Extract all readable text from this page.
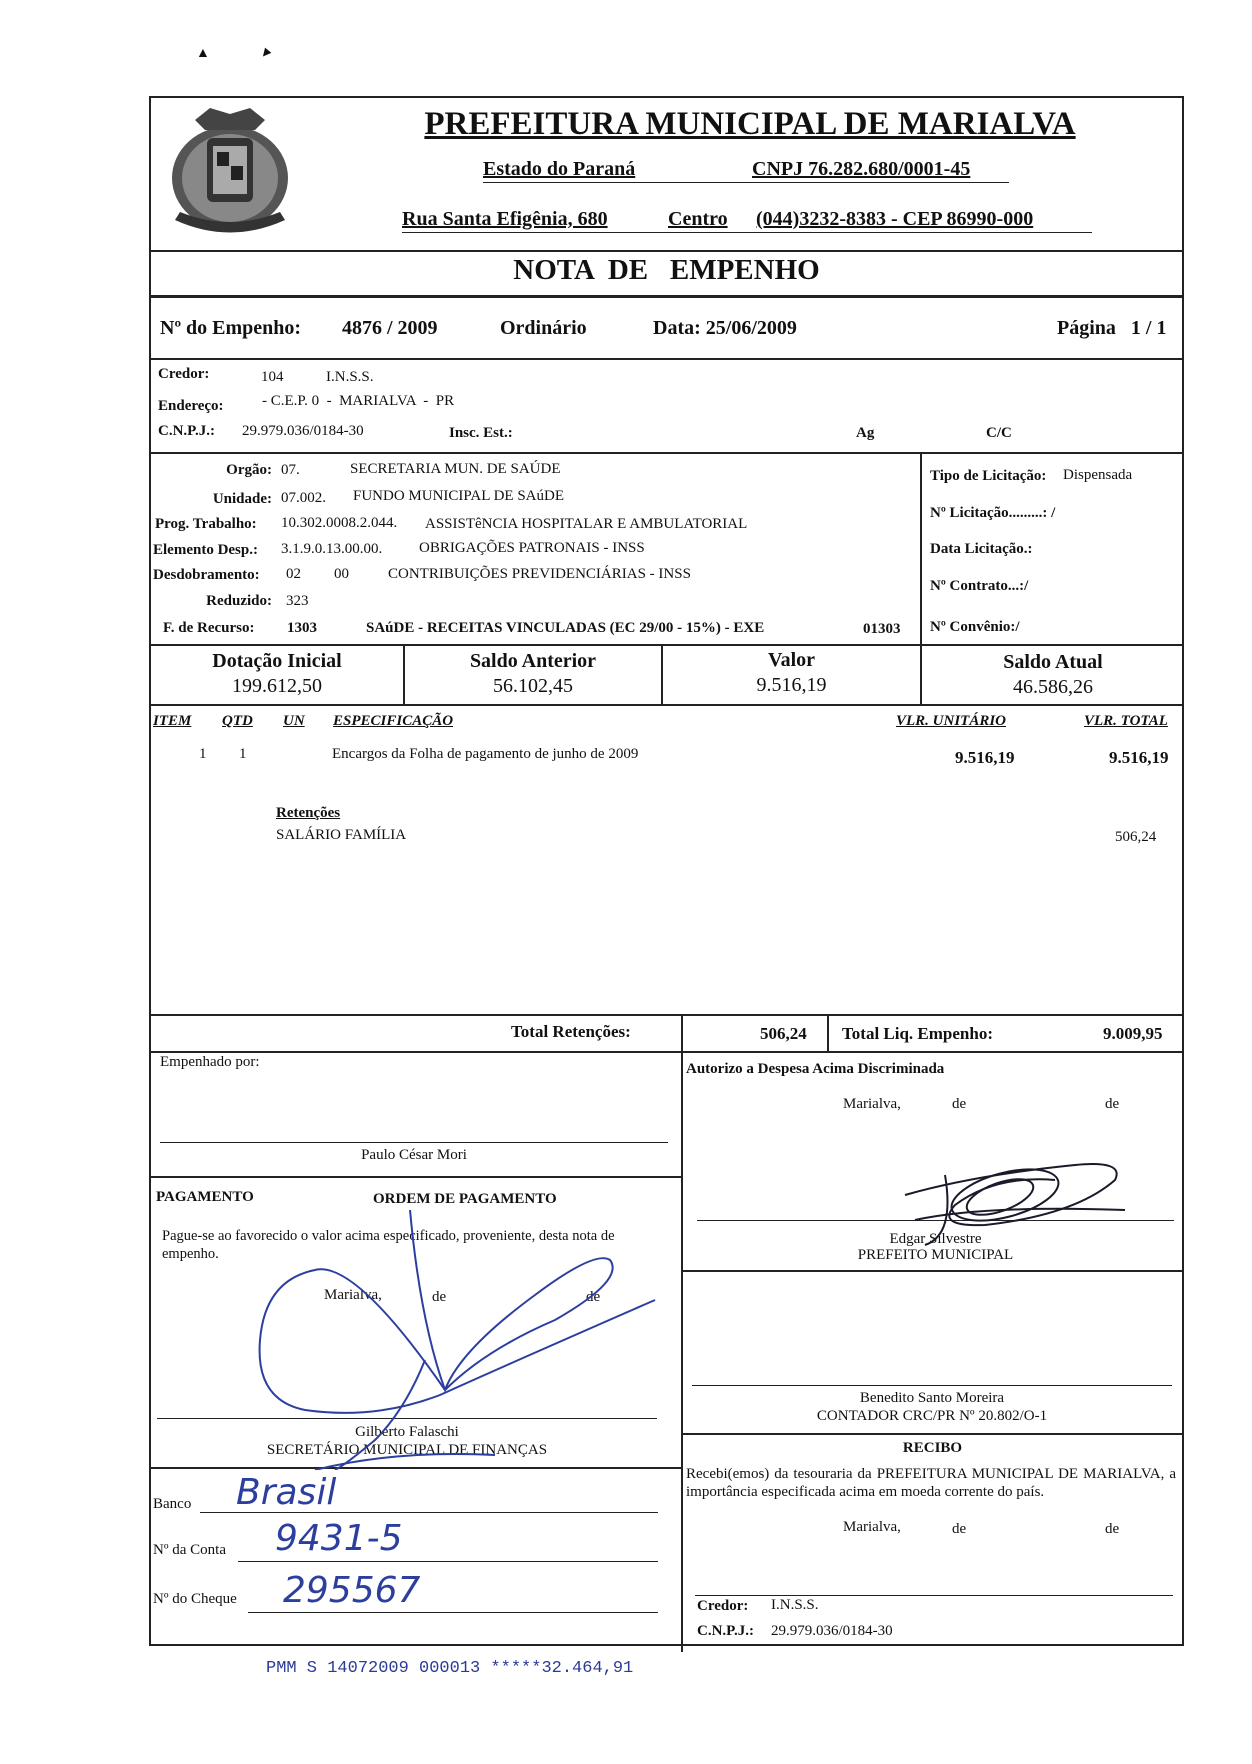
▲	▼
PREFEITURA MUNICIPAL DE MARIALVA
Estado do Paraná	CNPJ 76.282.680/0001-45
Rua Santa Efigênia, 680	Centro (044)3232-8383 - CEP 86990-000
NOTA  DE   EMPENHO
Nº do Empenho: 4876 / 2009	Ordinário	Data: 25/06/2009	Página   1 / 1
Credor:	104	I.N.S.S.
Endereço:	- C.E.P. 0  -  MARIALVA  -  PR
C.N.P.J.: 29.979.036/0184-30	Insc. Est.:	Ag	C/C
Orgão: 07.	SECRETARIA MUN. DE SAÚDE
Unidade: 07.002. FUNDO MUNICIPAL DE SAúDE
Prog. Trabalho: 10.302.0008.2.044. ASSISTêNCIA HOSPITALAR E AMBULATORIAL
Elemento Desp.: 3.1.9.0.13.00.00. OBRIGAÇÕES PATRONAIS - INSS
Desdobramento: 02 00	CONTRIBUIÇÕES PREVIDENCIÁRIAS - INSS
Reduzido: 323
F. de Recurso: 1303	SAúDE - RECEITAS VINCULADAS (EC 29/00 - 15%) - EXE	01303
Tipo de Licitação: Dispensada
Nº Licitação.........: /
Data Licitação.:
Nº Contrato...:/
Nº Convênio:/
Dotação Inicial
199.612,50
Saldo Anterior
56.102,45
Valor
9.516,19
Saldo Atual
46.586,26
ITEM QTD UN ESPECIFICAÇÃO	VLR. UNITÁRIO	VLR. TOTAL
1 1	Encargos da Folha de pagamento de junho de 2009	9.516,19	9.516,19
Retenções
SALÁRIO FAMÍLIA	506,24
Total Retenções:	506,24 Total Liq. Empenho:	9.009,95
Empenhado por:
Paulo César Mori
PAGAMENTO	ORDEM DE PAGAMENTO
Pague-se ao favorecido o valor acima especificado, proveniente, desta nota de empenho.
Marialva,	de	de
Gilberto Falaschi
SECRETÁRIO MUNICIPAL DE FINANÇAS
Banco Brasil
Nº da Conta 9431-5
Nº do Cheque 295567
Autorizo a Despesa Acima Discriminada
Marialva,	de	de
Edgar Silvestre
PREFEITO MUNICIPAL
Benedito Santo Moreira
CONTADOR CRC/PR Nº 20.802/O-1
RECIBO
Recebi(emos) da tesouraria da PREFEITURA MUNICIPAL DE MARIALVA, a importância especificada acima em moeda corrente do país.
Marialva,	de	de
Credor: I.N.S.S.
C.N.P.J.: 29.979.036/0184-30
PMM S 14072009 000013 *****32.464,91
